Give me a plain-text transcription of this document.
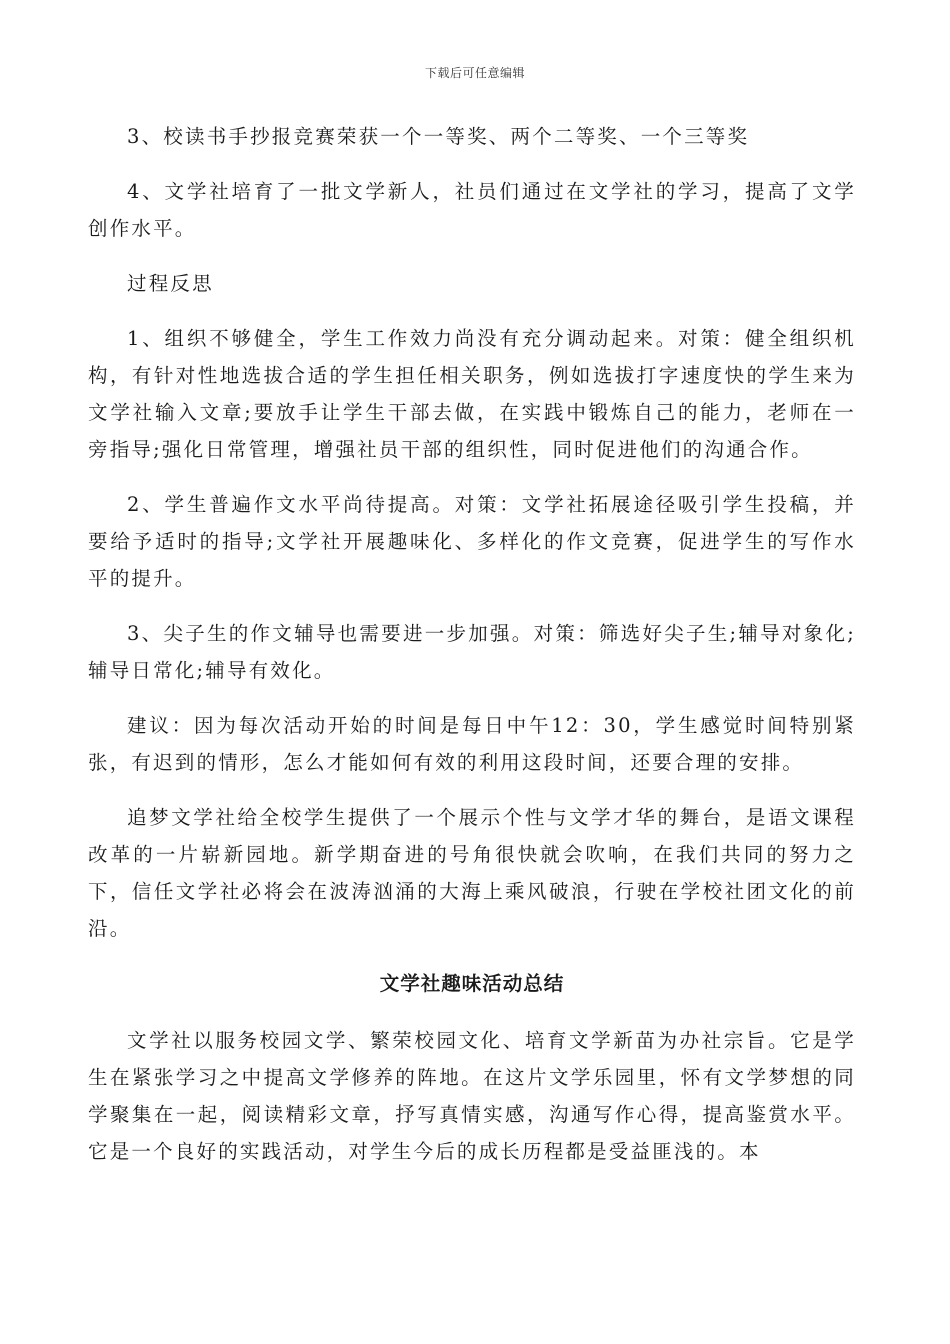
下载后可任意编辑

3、校读书手抄报竞赛荣获一个一等奖、两个二等奖、一个三等奖

4、文学社培育了一批文学新人，社员们通过在文学社的学习，提高了文学创作水平。

过程反思

1、组织不够健全，学生工作效力尚没有充分调动起来。对策：健全组织机构，有针对性地选拔合适的学生担任相关职务，例如选拔打字速度快的学生来为文学社输入文章;要放手让学生干部去做，在实践中锻炼自己的能力，老师在一旁指导;强化日常管理，增强社员干部的组织性，同时促进他们的沟通合作。

2、学生普遍作文水平尚待提高。对策：文学社拓展途径吸引学生投稿，并要给予适时的指导;文学社开展趣味化、多样化的作文竞赛，促进学生的写作水平的提升。

3、尖子生的作文辅导也需要进一步加强。对策：筛选好尖子生;辅导对象化;辅导日常化;辅导有效化。

建议：因为每次活动开始的时间是每日中午12：30，学生感觉时间特别紧张，有迟到的情形，怎么才能如何有效的利用这段时间，还要合理的安排。

追梦文学社给全校学生提供了一个展示个性与文学才华的舞台，是语文课程改革的一片崭新园地。新学期奋进的号角很快就会吹响，在我们共同的努力之下，信任文学社必将会在波涛汹涌的大海上乘风破浪，行驶在学校社团文化的前沿。

文学社趣味活动总结

文学社以服务校园文学、繁荣校园文化、培育文学新苗为办社宗旨。它是学生在紧张学习之中提高文学修养的阵地。在这片文学乐园里，怀有文学梦想的同学聚集在一起，阅读精彩文章，抒写真情实感，沟通写作心得，提高鉴赏水平。它是一个良好的实践活动，对学生今后的成长历程都是受益匪浅的。本
